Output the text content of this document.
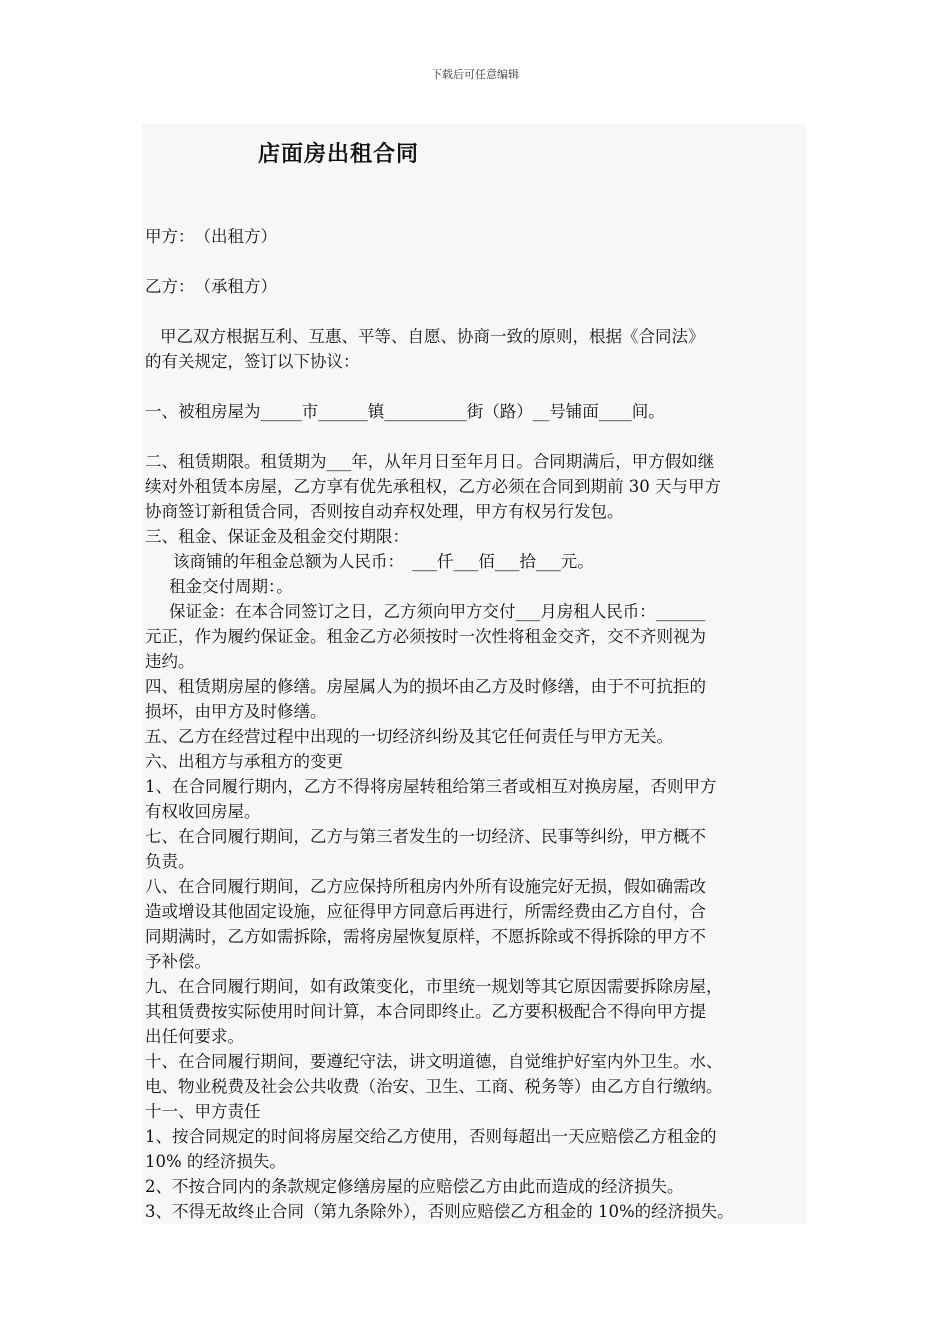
下载后可任意编辑
店面房出租合同

甲方：　（出租方）

乙方：　（承租方）

甲乙双方根据互利、互惠、平等、自愿、协商一致的原则，根据《合同法》

的有关规定，签订以下协议：

一、被租房屋为_____市______镇__________街（路）__号铺面____间。

二、租赁期限。租赁期为___年，从年月日至年月日。合同期满后，甲方假如继

续对外租赁本房屋，乙方享有优先承租权，乙方必须在合同到期前 30 天与甲方

协商签订新租赁合同，否则按自动弃权处理，甲方有权另行发包。

三、租金、保证金及租金交付期限：

该商铺的年租金总额为人民币：　___仟___佰___拾___元。

租金交付周期：。

保证金：在本合同签订之日，乙方须向甲方交付___月房租人民币：______

元正，作为履约保证金。租金乙方必须按时一次性将租金交齐，交不齐则视为

违约。

四、租赁期房屋的修缮。房屋属人为的损坏由乙方及时修缮，由于不可抗拒的

损坏，由甲方及时修缮。

五、乙方在经营过程中出现的一切经济纠纷及其它任何责任与甲方无关。

六、出租方与承租方的变更

1、在合同履行期内，乙方不得将房屋转租给第三者或相互对换房屋，否则甲方

有权收回房屋。

七、在合同履行期间，乙方与第三者发生的一切经济、民事等纠纷，甲方概不

负责。

八、在合同履行期间，乙方应保持所租房内外所有设施完好无损，假如确需改

造或增设其他固定设施，应征得甲方同意后再进行，所需经费由乙方自付，合

同期满时，乙方如需拆除，需将房屋恢复原样，不愿拆除或不得拆除的甲方不

予补偿。

九、在合同履行期间，如有政策变化，市里统一规划等其它原因需要拆除房屋，

其租赁费按实际使用时间计算，本合同即终止。乙方要积极配合不得向甲方提

出任何要求。

十、在合同履行期间，要遵纪守法，讲文明道德，自觉维护好室内外卫生。水、

电、物业税费及社会公共收费（治安、卫生、工商、税务等）由乙方自行缴纳。

十一、甲方责任

1、按合同规定的时间将房屋交给乙方使用，否则每超出一天应赔偿乙方租金的

10% 的经济损失。

2、不按合同内的条款规定修缮房屋的应赔偿乙方由此而造成的经济损失。

3、不得无故终止合同（第九条除外），否则应赔偿乙方租金的 10%的经济损失。
